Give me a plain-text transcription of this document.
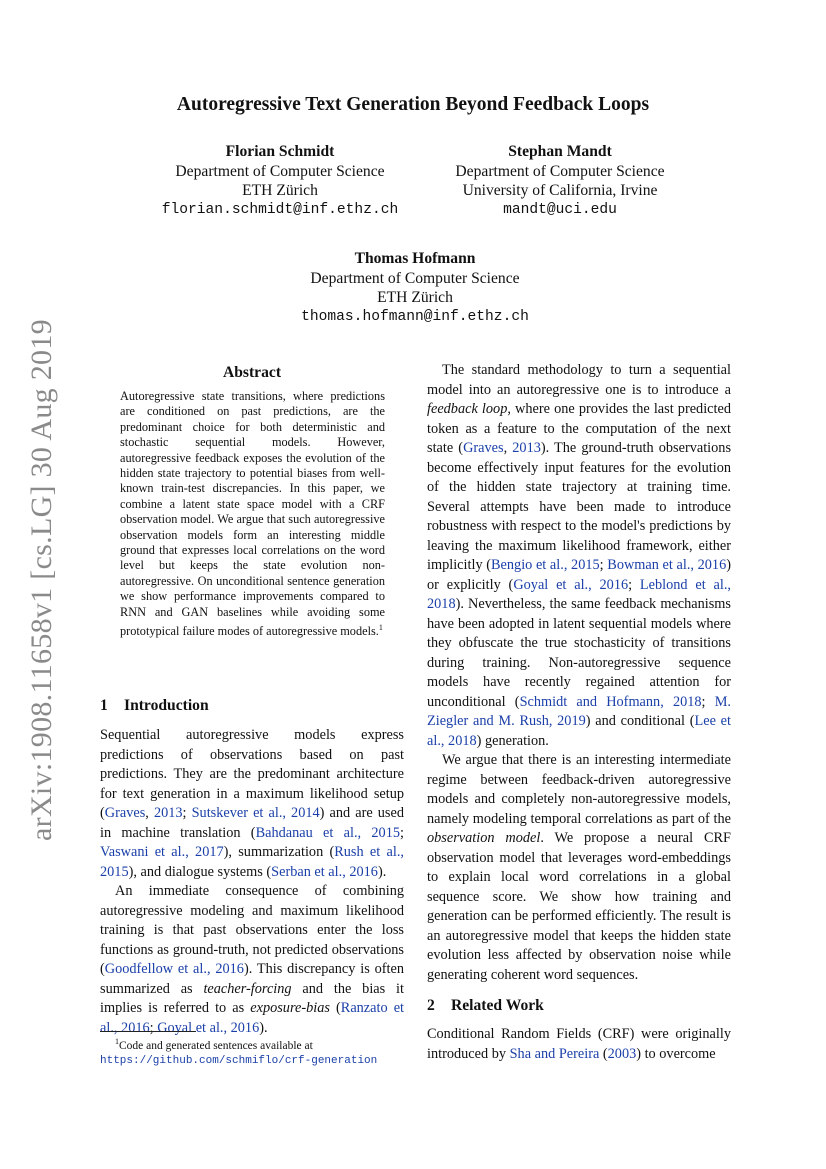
arXiv:1908.11658v1 [cs.LG] 30 Aug 2019
Autoregressive Text Generation Beyond Feedback Loops
Florian Schmidt
Department of Computer Science
ETH Zürich
florian.schmidt@inf.ethz.ch
Stephan Mandt
Department of Computer Science
University of California, Irvine
mandt@uci.edu
Thomas Hofmann
Department of Computer Science
ETH Zürich
thomas.hofmann@inf.ethz.ch
Abstract
Autoregressive state transitions, where predictions are conditioned on past predictions, are the predominant choice for both deterministic and stochastic sequential models. However, autoregressive feedback exposes the evolution of the hidden state trajectory to potential biases from well-known train-test discrepancies. In this paper, we combine a latent state space model with a CRF observation model. We argue that such autoregressive observation models form an interesting middle ground that expresses local correlations on the word level but keeps the state evolution non-autoregressive. On unconditional sentence generation we show performance improvements compared to RNN and GAN baselines while avoiding some prototypical failure modes of autoregressive models.$^1$
1 Introduction

Sequential autoregressive models express predictions of observations based on past predictions. They are the predominant architecture for text generation in a maximum likelihood setup (Graves, 2013; Sutskever et al., 2014) and are used in machine translation (Bahdanau et al., 2015; Vaswani et al., 2017), summarization (Rush et al., 2015), and dialogue systems (Serban et al., 2016).

An immediate consequence of combining autoregressive modeling and maximum likelihood training is that past observations enter the loss functions as ground-truth, not predicted observations (Goodfellow et al., 2016). This discrepancy is often summarized as teacher-forcing and the bias it implies is referred to as exposure-bias (Ranzato et al., 2016; Goyal et al., 2016).

$^1$Code and generated sentences available at https://github.com/schmiflo/crf-generation

The standard methodology to turn a sequential model into an autoregressive one is to introduce a feedback loop, where one provides the last predicted token as a feature to the computation of the next state (Graves, 2013). The ground-truth observations become effectively input features for the evolution of the hidden state trajectory at training time. Several attempts have been made to introduce robustness with respect to the model's predictions by leaving the maximum likelihood framework, either implicitly (Bengio et al., 2015; Bowman et al., 2016) or explicitly (Goyal et al., 2016; Leblond et al., 2018). Nevertheless, the same feedback mechanisms have been adopted in latent sequential models where they obfuscate the true stochasticity of transitions during training. Non-autoregressive sequence models have recently regained attention for unconditional (Schmidt and Hofmann, 2018; M. Ziegler and M. Rush, 2019) and conditional (Lee et al., 2018) generation.

We argue that there is an interesting intermediate regime between feedback-driven autoregressive models and completely non-autoregressive models, namely modeling temporal correlations as part of the observation model. We propose a neural CRF observation model that leverages word-embeddings to explain local word correlations in a global sequence score. We show how training and generation can be performed efficiently. The result is an autoregressive model that keeps the hidden state evolution less affected by observation noise while generating coherent word sequences.

2 Related Work

Conditional Random Fields (CRF) were originally introduced by Sha and Pereira (2003) to overcome
